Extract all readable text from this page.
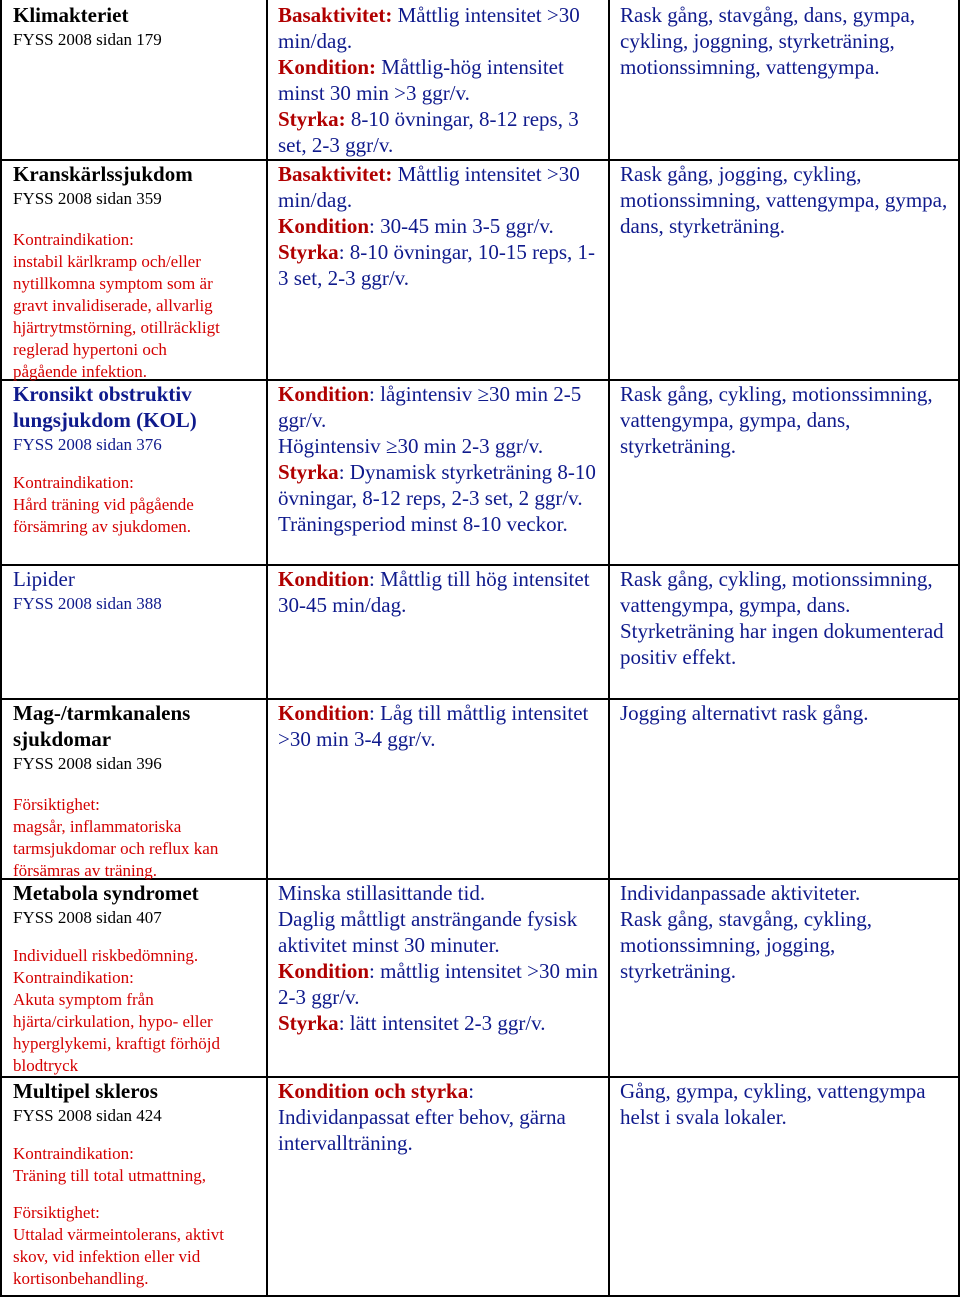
Klimakteriet
FYSS 2008 sidan 179
Basaktivitet: Måttlig intensitet >30 min/dag.
Kondition: Måttlig-hög intensitet minst 30 min >3 ggr/v.
Styrka: 8-10 övningar, 8-12 reps, 3 set, 2-3 ggr/v.
Rask gång, stavgång, dans, gympa, cykling, joggning, styrketräning, motionssimning, vattengympa.
Kranskärlssjukdom
FYSS 2008 sidan 359
Kontraindikation:
instabil kärlkramp och/eller
nytillkomna symptom som är
gravt invalidiserade, allvarlig
hjärtrytmstörning, otillräckligt
reglerad hypertoni och
pågående infektion.
Basaktivitet: Måttlig intensitet >30 min/dag.
Kondition: 30-45 min 3-5 ggr/v.
Styrka: 8-10 övningar, 10-15 reps, 1-3 set, 2-3 ggr/v.
Rask gång, jogging, cykling, motionssimning, vattengympa, gympa, dans, styrketräning.
Kronsikt obstruktiv
lungsjukdom (KOL)
FYSS 2008 sidan 376
Kontraindikation:
Hård träning vid pågående
försämring av sjukdomen.
Kondition: lågintensiv ≥30 min 2-5 ggr/v.
Högintensiv ≥30 min 2-3 ggr/v.
Styrka: Dynamisk styrketräning 8-10 övningar, 8-12 reps, 2-3 set, 2 ggr/v.
Träningsperiod minst 8-10 veckor.
Rask gång, cykling, motionssimning, vattengympa, gympa, dans, styrketräning.
Lipider
FYSS 2008 sidan 388
Kondition: Måttlig till hög intensitet 30-45 min/dag.
Rask gång, cykling, motionssimning, vattengympa, gympa, dans.
Styrketräning har ingen dokumenterad positiv effekt.
Mag-/tarmkanalens
sjukdomar
FYSS 2008 sidan 396
Försiktighet:
magsår, inflammatoriska
tarmsjukdomar och reflux kan
försämras av träning.
Kondition: Låg till måttlig intensitet >30 min 3-4 ggr/v.
Jogging alternativt rask gång.
Metabola syndromet
FYSS 2008 sidan 407
Individuell riskbedömning.
Kontraindikation:
Akuta symptom från
hjärta/cirkulation, hypo- eller
hyperglykemi, kraftigt förhöjd
blodtryck
Minska stillasittande tid.
Daglig måttligt ansträngande fysisk aktivitet minst 30 minuter.
Kondition: måttlig intensitet >30 min 2-3 ggr/v.
Styrka: lätt intensitet 2-3 ggr/v.
Individanpassade aktiviteter.
Rask gång, stavgång, cykling, motionssimning, jogging, styrketräning.
Multipel skleros
FYSS 2008 sidan 424
Kontraindikation:
Träning till total utmattning,
Försiktighet:
Uttalad värmeintolerans, aktivt
skov, vid infektion eller vid
kortisonbehandling.
Kondition och styrka:
Individanpassat efter behov, gärna intervallträning.
Gång, gympa, cykling, vattengympa helst i svala lokaler.
